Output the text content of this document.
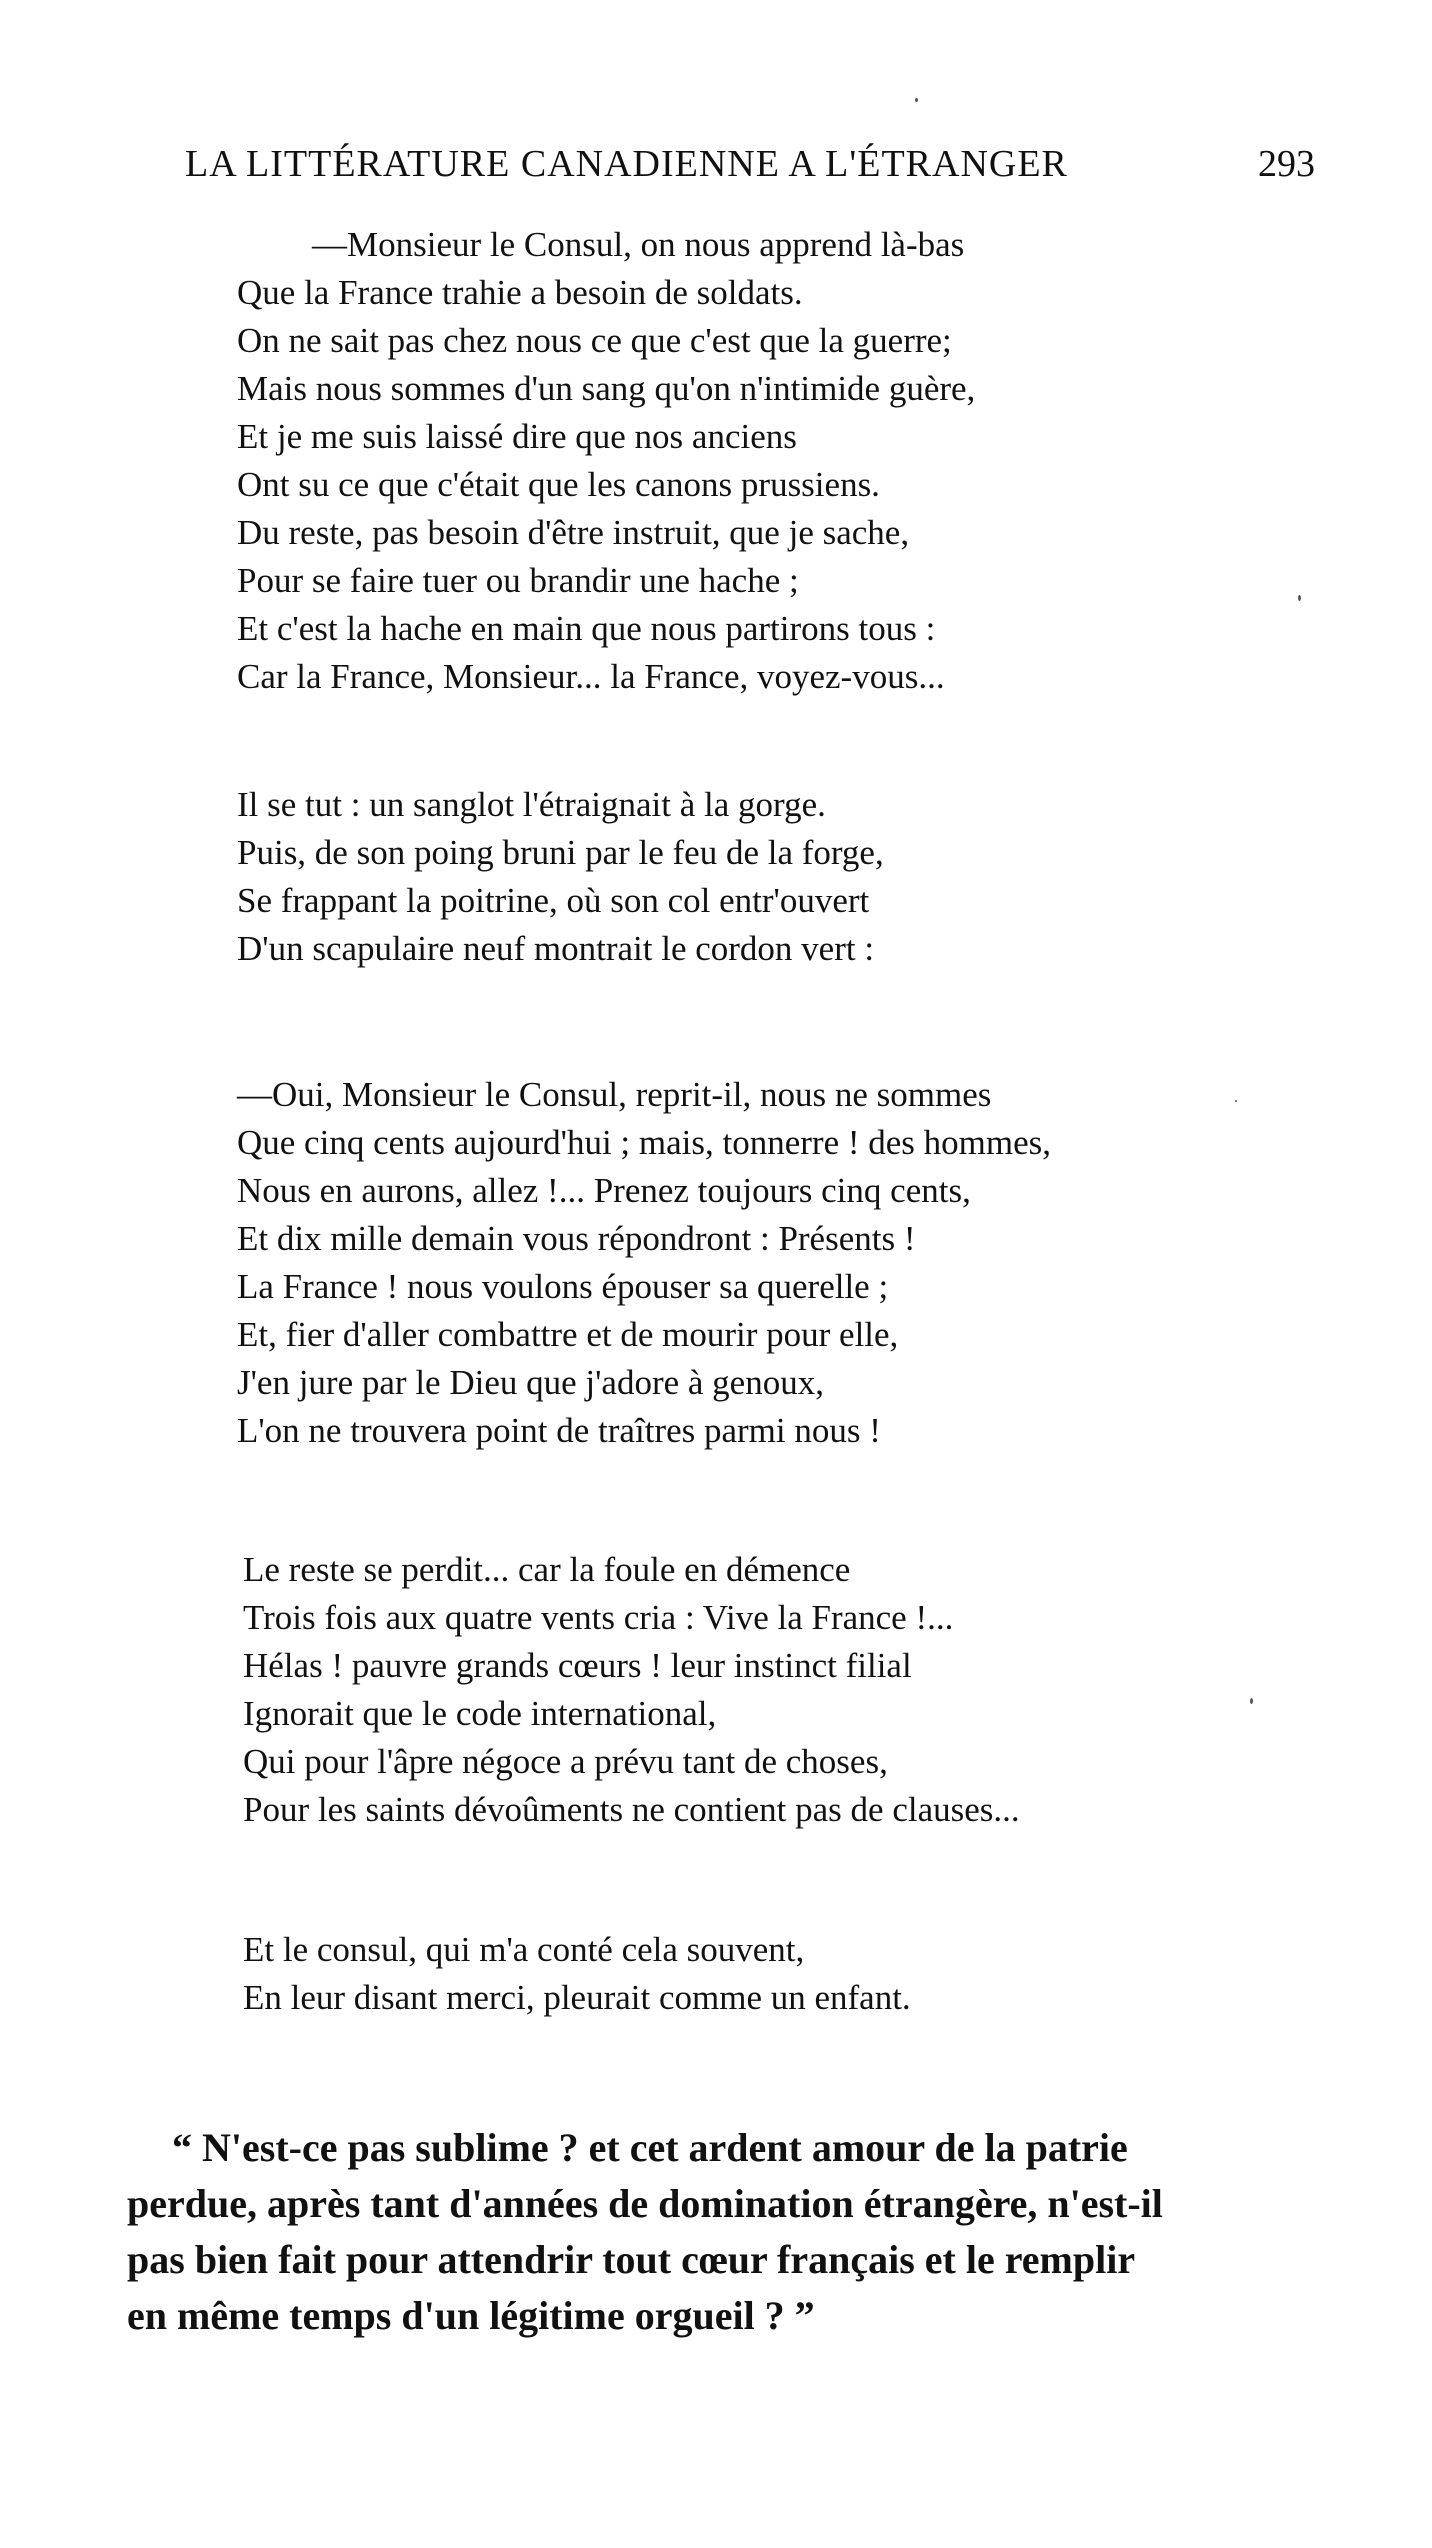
LA LITTÉRATURE CANADIENNE A L'ÉTRANGER	293
—Monsieur le Consul, on nous apprend là-bas
Que la France trahie a besoin de soldats.
On ne sait pas chez nous ce que c'est que la guerre;
Mais nous sommes d'un sang qu'on n'intimide guère,
Et je me suis laissé dire que nos anciens
Ont su ce que c'était que les canons prussiens.
Du reste, pas besoin d'être instruit, que je sache,
Pour se faire tuer ou brandir une hache ;
Et c'est la hache en main que nous partirons tous :
Car la France, Monsieur... la France, voyez-vous...
Il se tut : un sanglot l'étraignait à la gorge.
Puis, de son poing bruni par le feu de la forge,
Se frappant la poitrine, où son col entr'ouvert
D'un scapulaire neuf montrait le cordon vert :
—Oui, Monsieur le Consul, reprit-il, nous ne sommes
Que cinq cents aujourd'hui ; mais, tonnerre ! des hommes,
Nous en aurons, allez !... Prenez toujours cinq cents,
Et dix mille demain vous répondront : Présents !
La France ! nous voulons épouser sa querelle ;
Et, fier d'aller combattre et de mourir pour elle,
J'en jure par le Dieu que j'adore à genoux,
L'on ne trouvera point de traîtres parmi nous !
Le reste se perdit... car la foule en démence
Trois fois aux quatre vents cria : Vive la France !...
Hélas ! pauvre grands cœurs ! leur instinct filial
Ignorait que le code international,
Qui pour l'âpre négoce a prévu tant de choses,
Pour les saints dévoûments ne contient pas de clauses...
Et le consul, qui m'a conté cela souvent,
En leur disant merci, pleurait comme un enfant.

“ N'est-ce pas sublime ? et cet ardent amour de la patrie
perdue, après tant d'années de domination étrangère, n'est-il
pas bien fait pour attendrir tout cœur français et le remplir
en même temps d'un légitime orgueil ? ”
